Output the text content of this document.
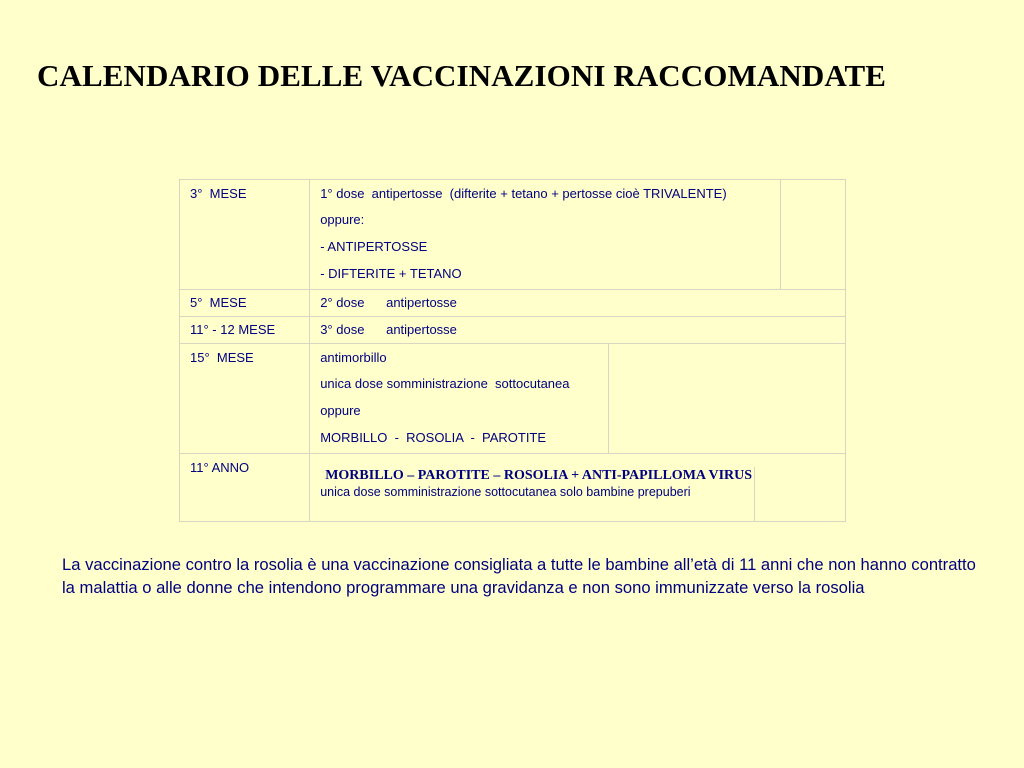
CALENDARIO DELLE VACCINAZIONI RACCOMANDATE
3°  MESE	1° dose  antipertosse  (difterite + tetano + pertosse cioè TRIVALENTE)
oppure:
- ANTIPERTOSSE
- DIFTERITE + TETANO	

5°  MESE	2° dose      antipertosse	

11° - 12 MESE	3° dose      antipertosse	

15°  MESE	antimorbillo
unica dose somministrazione  sottocutanea
oppure
MORBILLO  -  ROSOLIA  -  PAROTITE	

11° ANNO	MORBILLO – PAROTITE – ROSOLIA + ANTI-PAPILLOMA VIRUS
unica dose somministrazione sottocutanea solo bambine prepuberi	

La vaccinazione contro la rosolia è una vaccinazione consigliata a tutte le bambine all’età di 11 anni che non hanno contratto la malattia o alle donne che intendono programmare una gravidanza e non sono immunizzate verso la rosolia
